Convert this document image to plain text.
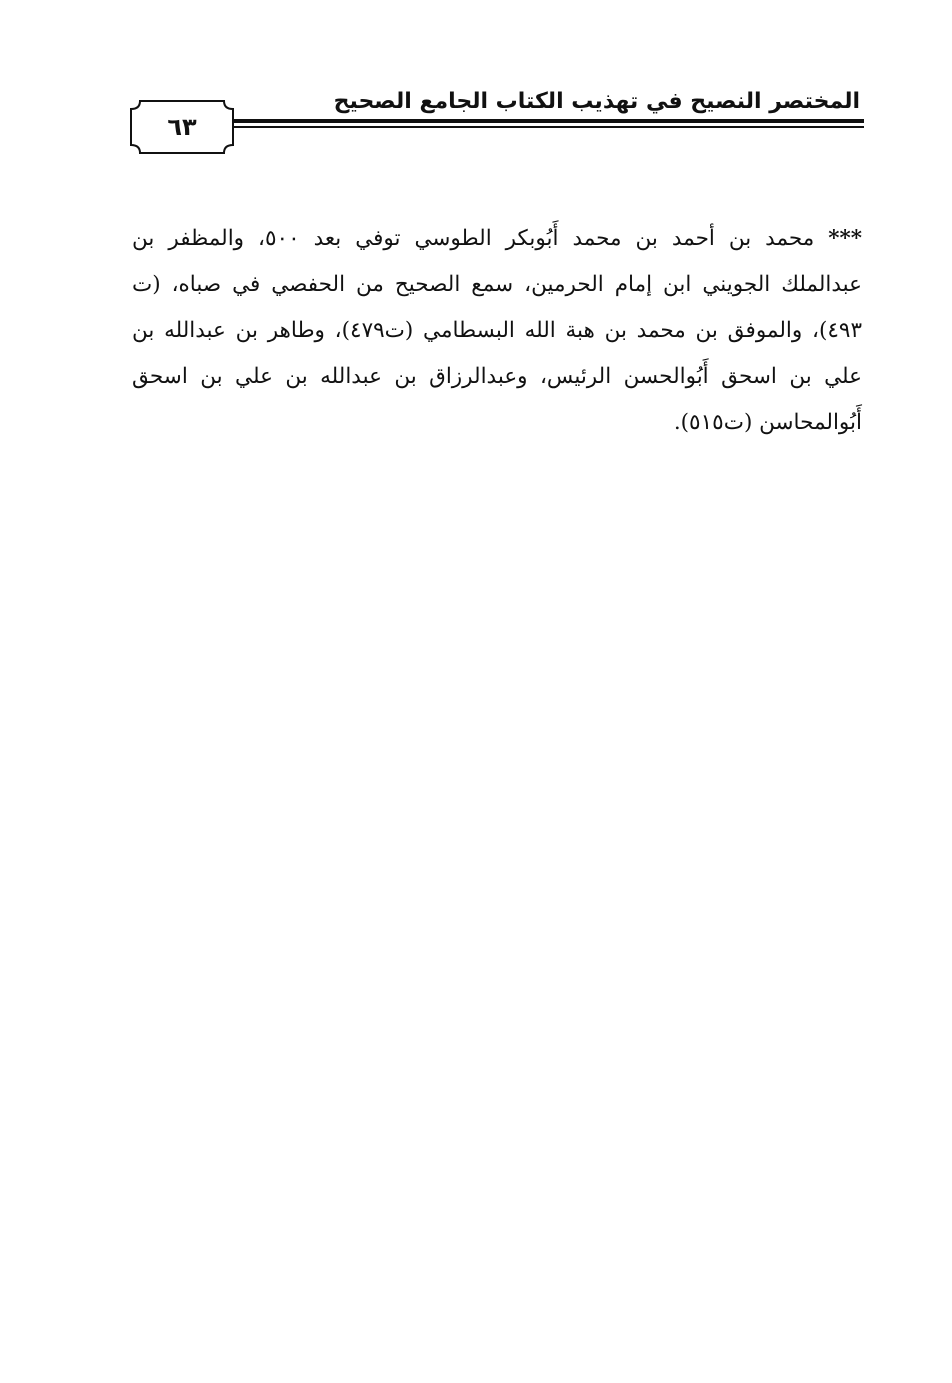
المختصر النصيح في تهذيب الكتاب الجامع الصحيح
٦٣

*** محمد بن أحمد بن محمد أَبُوبكر الطوسي توفي بعد ٥٠٠، والمظفر بن عبدالملك الجويني ابن إمام الحرمين، سمع الصحيح من الحفصي في صباه، (ت ٤٩٣)، والموفق بن محمد بن هبة الله البسطامي (ت٤٧٩)، وطاهر بن عبدالله بن علي بن اسحق أَبُوالحسن الرئيس، وعبدالرزاق بن عبدالله بن علي بن اسحق أَبُوالمحاسن (ت٥١٥).
